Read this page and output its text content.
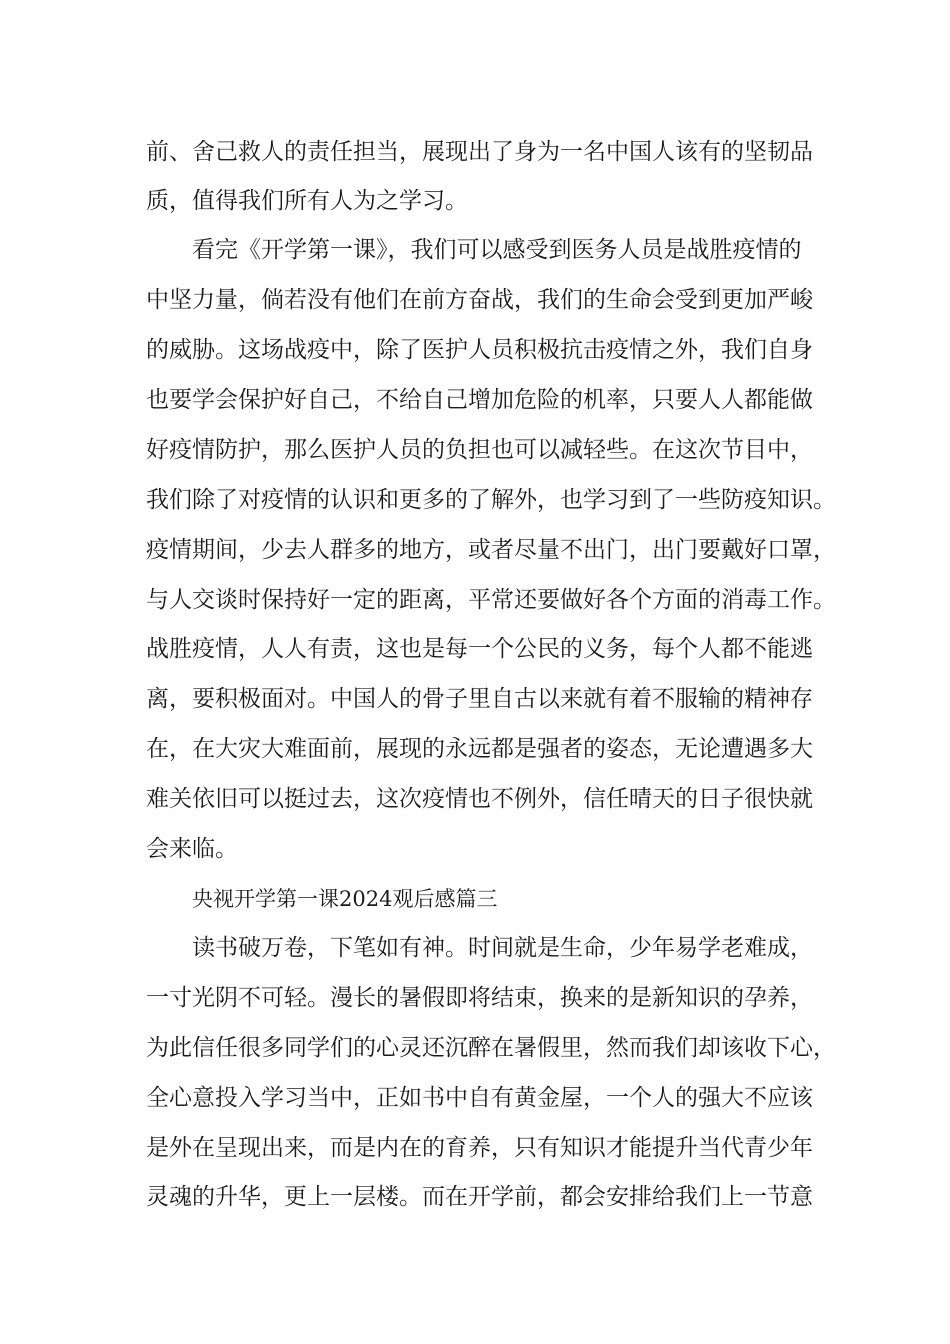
前、舍己救人的责任担当，展现出了身为一名中国人该有的坚韧品
质，值得我们所有人为之学习。
看完《开学第一课》，我们可以感受到医务人员是战胜疫情的
中坚力量，倘若没有他们在前方奋战，我们的生命会受到更加严峻
的威胁。这场战疫中，除了医护人员积极抗击疫情之外，我们自身
也要学会保护好自己，不给自己增加危险的机率，只要人人都能做
好疫情防护，那么医护人员的负担也可以减轻些。在这次节目中，
我们除了对疫情的认识和更多的了解外，也学习到了一些防疫知识。
疫情期间，少去人群多的地方，或者尽量不出门，出门要戴好口罩，
与人交谈时保持好一定的距离，平常还要做好各个方面的消毒工作。
战胜疫情，人人有责，这也是每一个公民的义务，每个人都不能逃
离，要积极面对。中国人的骨子里自古以来就有着不服输的精神存
在，在大灾大难面前，展现的永远都是强者的姿态，无论遭遇多大
难关依旧可以挺过去，这次疫情也不例外，信任晴天的日子很快就
会来临。
央视开学第一课2024观后感篇三
读书破万卷，下笔如有神。时间就是生命，少年易学老难成，
一寸光阴不可轻。漫长的暑假即将结束，换来的是新知识的孕养，
为此信任很多同学们的心灵还沉醉在暑假里，然而我们却该收下心，
全心意投入学习当中，正如书中自有黄金屋，一个人的强大不应该
是外在呈现出来，而是内在的育养，只有知识才能提升当代青少年
灵魂的升华，更上一层楼。而在开学前，都会安排给我们上一节意
